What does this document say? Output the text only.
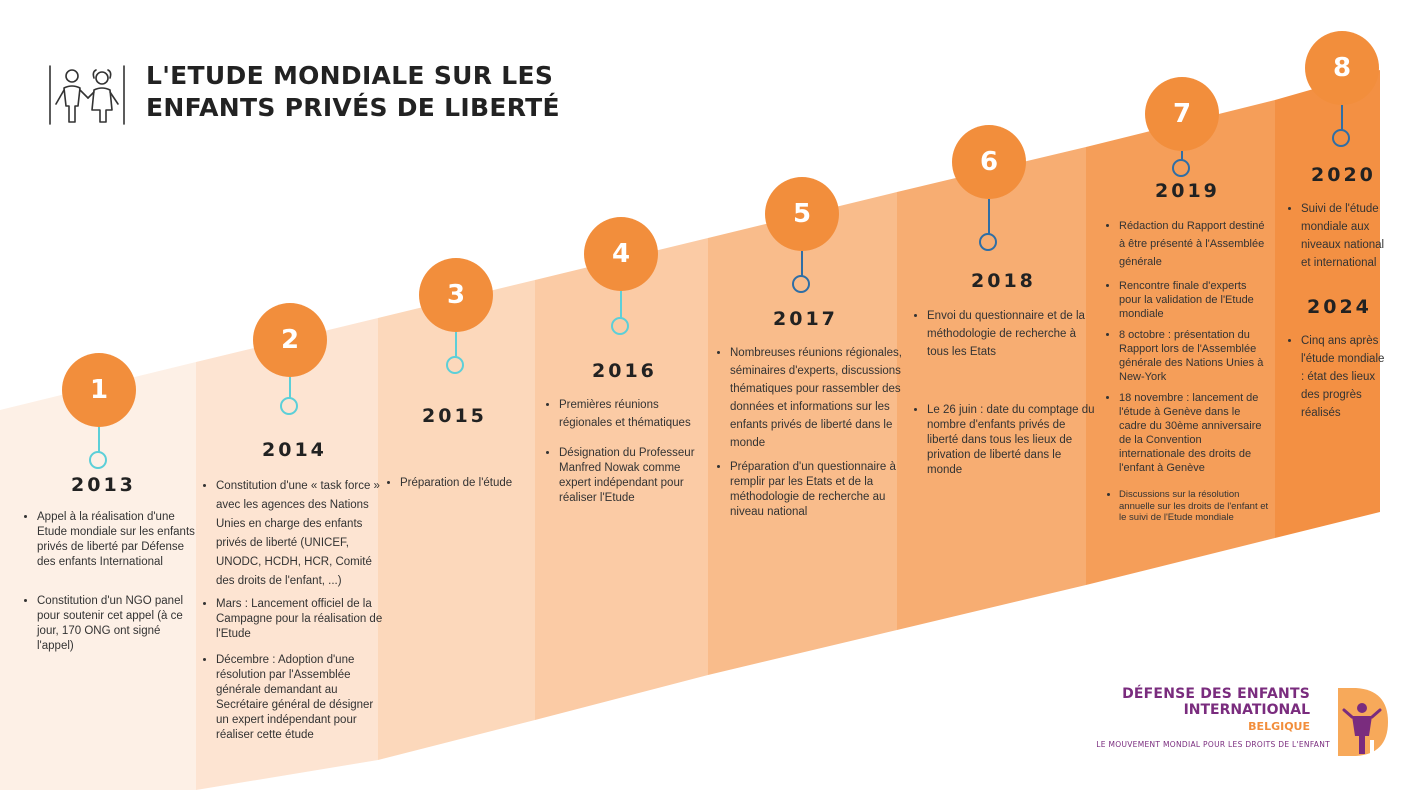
L'ETUDE MONDIALE SUR LES
ENFANTS PRIVÉS DE LIBERTÉ
1
2013
• Appel à la réalisation d'une Etude mondiale sur les enfants privés de liberté par Défense des enfants International
• Constitution d'un NGO panel pour soutenir cet appel (à ce jour, 170 ONG ont signé l'appel)
2
2014
• Constitution d'une « task force » avec les agences des Nations Unies en charge des enfants privés de liberté (UNICEF, UNODC, HCDH, HCR, Comité des droits de l'enfant, ...)
• Mars : Lancement officiel de la Campagne pour la réalisation de l'Etude
• Décembre : Adoption d'une résolution par l'Assemblée générale demandant au Secrétaire général de désigner un expert indépendant pour réaliser cette étude
3
2015
• Préparation de l'étude
4
2016
• Premières réunions régionales et thématiques
• Désignation du Professeur Manfred Nowak comme expert indépendant pour réaliser l'Etude
5
2017
• Nombreuses réunions régionales, séminaires d'experts, discussions thématiques pour rassembler des données et informations sur les enfants privés de liberté dans le monde
• Préparation d'un questionnaire à remplir par les Etats et de la méthodologie de recherche au niveau national
6
2018
• Envoi du questionnaire et de la méthodologie de recherche à tous les Etats
• Le 26 juin : date du comptage du nombre d'enfants privés de liberté dans tous les lieux de privation de liberté dans le monde
7
2019
• Rédaction du Rapport destiné à être présenté à l'Assemblée générale
• Rencontre finale d'experts pour la validation de l'Etude mondiale
• 8 octobre : présentation du Rapport lors de l'Assemblée générale des Nations Unies à New-York
• 18 novembre : lancement de l'étude à Genève dans le cadre du 30ème anniversaire de la Convention internationale des droits de l'enfant à Genève
• Discussions sur la résolution annuelle sur les droits de l'enfant et le suivi de l'Etude mondiale
8
2020
• Suivi de l'étude mondiale aux niveaux national et international
2024
• Cinq ans après l'étude mondiale : état des lieux des progrès réalisés
DÉFENSE DES ENFANTS
INTERNATIONAL
BELGIQUE
LE MOUVEMENT MONDIAL POUR LES DROITS DE L'ENFANT
